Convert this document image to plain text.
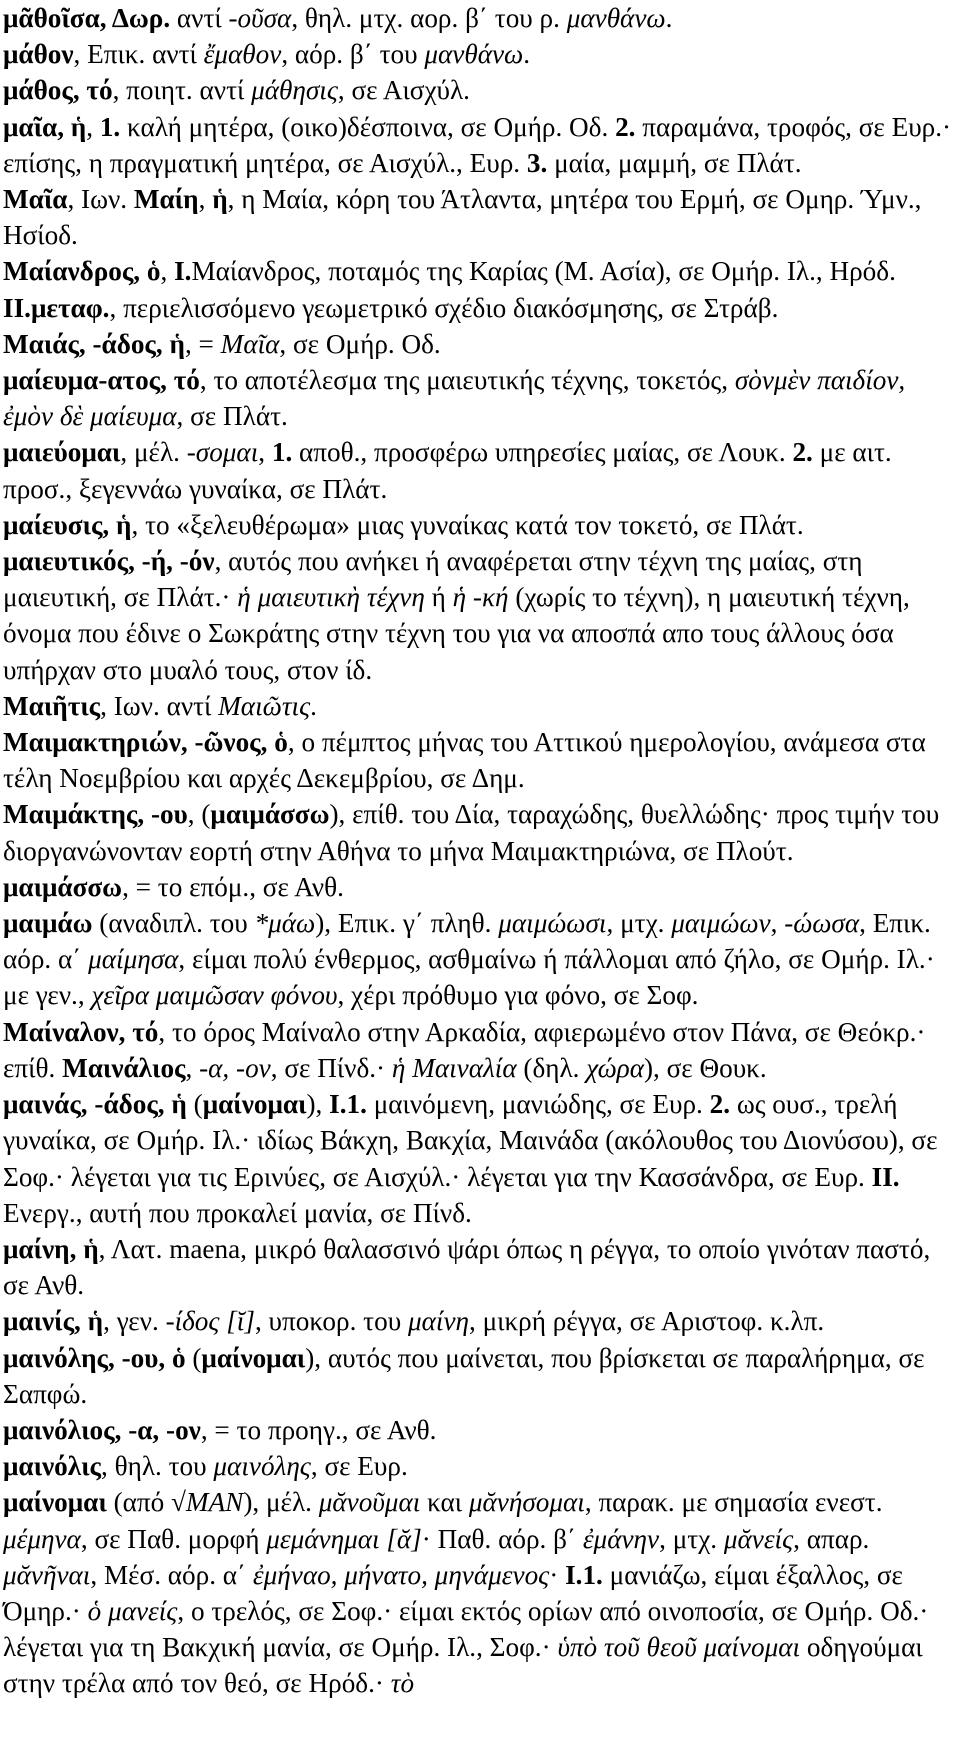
μᾶθοῖσα, Δωρ. αντί -οῦσα, θηλ. μτχ. αορ. β΄ του ρ. μανθάνω.

μάθον, Επικ. αντί ἔμαθον, αόρ. β΄ του μανθάνω.

μάθος, τό, ποιητ. αντί μάθησις, σε Αισχύλ.

μαῖα, ἡ, 1. καλή μητέρα, (οικο)δέσποινα, σε Ομήρ. Οδ. 2. παραμάνα, τροφός, σε Ευρ.· επίσης, η πραγματική μητέρα, σε Αισχύλ., Ευρ. 3. μαία, μαμμή, σε Πλάτ.

Μαῖα, Ιων. Μαίη, ἡ, η Μαία, κόρη του Άτλαντα, μητέρα του Ερμή, σε Ομηρ. Ύμν., Ησίοδ.

Μαίανδρος, ὁ, I.Μαίανδρος, ποταμός της Καρίας (Μ. Ασία), σε Ομήρ. Ιλ., Ηρόδ. II.μεταφ., περιελισσόμενο γεωμετρικό σχέδιο διακόσμησης, σε Στράβ.

Μαιάς, -άδος, ἡ, = Μαῖα, σε Ομήρ. Οδ.

μαίευμα-ατος, τό, το αποτέλεσμα της μαιευτικής τέχνης, τοκετός, σὸνμὲν παιδίον, ἐμὸν δὲ μαίευμα, σε Πλάτ.

μαιεύομαι, μέλ. -σομαι, 1. αποθ., προσφέρω υπηρεσίες μαίας, σε Λουκ. 2. με αιτ. προσ., ξεγεννάω γυναίκα, σε Πλάτ.

μαίευσις, ἡ, το «ξελευθέρωμα» μιας γυναίκας κατά τον τοκετό, σε Πλάτ.

μαιευτικός, -ή, -όν, αυτός που ανήκει ή αναφέρεται στην τέχνη της μαίας, στη μαιευτική, σε Πλάτ.· ἡ μαιευτικὴ τέχνη ή ἡ -κή (χωρίς το τέχνη), η μαιευτική τέχνη, όνομα που έδινε ο Σωκράτης στην τέχνη του για να αποσπά απο τους άλλους όσα υπήρχαν στο μυαλό τους, στον ίδ.

Μαιῆτις, Ιων. αντί Μαιῶτις.

Μαιμακτηριών, -ῶνος, ὁ, ο πέμπτος μήνας του Αττικού ημερολογίου, ανάμεσα στα τέλη Νοεμβρίου και αρχές Δεκεμβρίου, σε Δημ.

Μαιμάκτης, -ου, (μαιμάσσω), επίθ. του Δία, ταραχώδης, θυελλώδης· προς τιμήν του διοργανώνονταν εορτή στην Αθήνα το μήνα Μαιμακτηριώνα, σε Πλούτ.

μαιμάσσω, = το επόμ., σε Ανθ.

μαιμάω (αναδιπλ. του *μάω), Επικ. γ΄ πληθ. μαιμώωσι, μτχ. μαιμώων, -ώωσα, Επικ. αόρ. α΄ μαίμησα, είμαι πολύ ένθερμος, ασθμαίνω ή πάλλομαι από ζήλο, σε Ομήρ. Ιλ.· με γεν., χεῖρα μαιμῶσαν φόνου, χέρι πρόθυμο για φόνο, σε Σοφ.

Μαίναλον, τό, το όρος Μαίναλο στην Αρκαδία, αφιερωμένο στον Πάνα, σε Θεόκρ.· επίθ. Μαινάλιος, -α, -ον, σε Πίνδ.· ἡ Μαιναλία (δηλ. χώρα), σε Θουκ.

μαινάς, -άδος, ἡ (μαίνομαι), I.1. μαινόμενη, μανιώδης, σε Ευρ. 2. ως ουσ., τρελή γυναίκα, σε Ομήρ. Ιλ.· ιδίως Βάκχη, Βακχία, Μαινάδα (ακόλουθος του Διονύσου), σε Σοφ.· λέγεται για τις Ερινύες, σε Αισχύλ.· λέγεται για την Κασσάνδρα, σε Ευρ. II. Ενεργ., αυτή που προκαλεί μανία, σε Πίνδ.

μαίνη, ἡ, Λατ. maena, μικρό θαλασσινό ψάρι όπως η ρέγγα, το οποίο γινόταν παστό, σε Ανθ.

μαινίς, ἡ, γεν. -ίδος [ῐ], υποκορ. του μαίνη, μικρή ρέγγα, σε Αριστοφ. κ.λπ.

μαινόλης, -ου, ὁ (μαίνομαι), αυτός που μαίνεται, που βρίσκεται σε παραλήρημα, σε Σαπφώ.

μαινόλιος, -α, -ον, = το προηγ., σε Ανθ.

μαινόλις, θηλ. του μαινόλης, σε Ευρ.

μαίνομαι (από √ΜΑΝ), μέλ. μᾰνοῦμαι και μᾰνήσομαι, παρακ. με σημασία ενεστ. μέμηνα, σε Παθ. μορφή μεμάνημαι [ᾰ]· Παθ. αόρ. β΄ ἐμάνην, μτχ. μᾰνείς, απαρ. μᾰνῆναι, Μέσ. αόρ. α΄ ἐμήναο, μήνατο, μηνάμενος· I.1. μανιάζω, είμαι έξαλλος, σε Όμηρ.· ὁ μανείς, ο τρελός, σε Σοφ.· είμαι εκτός ορίων από οινοποσία, σε Ομήρ. Οδ.· λέγεται για τη Βακχική μανία, σε Ομήρ. Ιλ., Σοφ.· ὑπὸ τοῦ θεοῦ μαίνομαι οδηγούμαι στην τρέλα από τον θεό, σε Ηρόδ.· τὸ
